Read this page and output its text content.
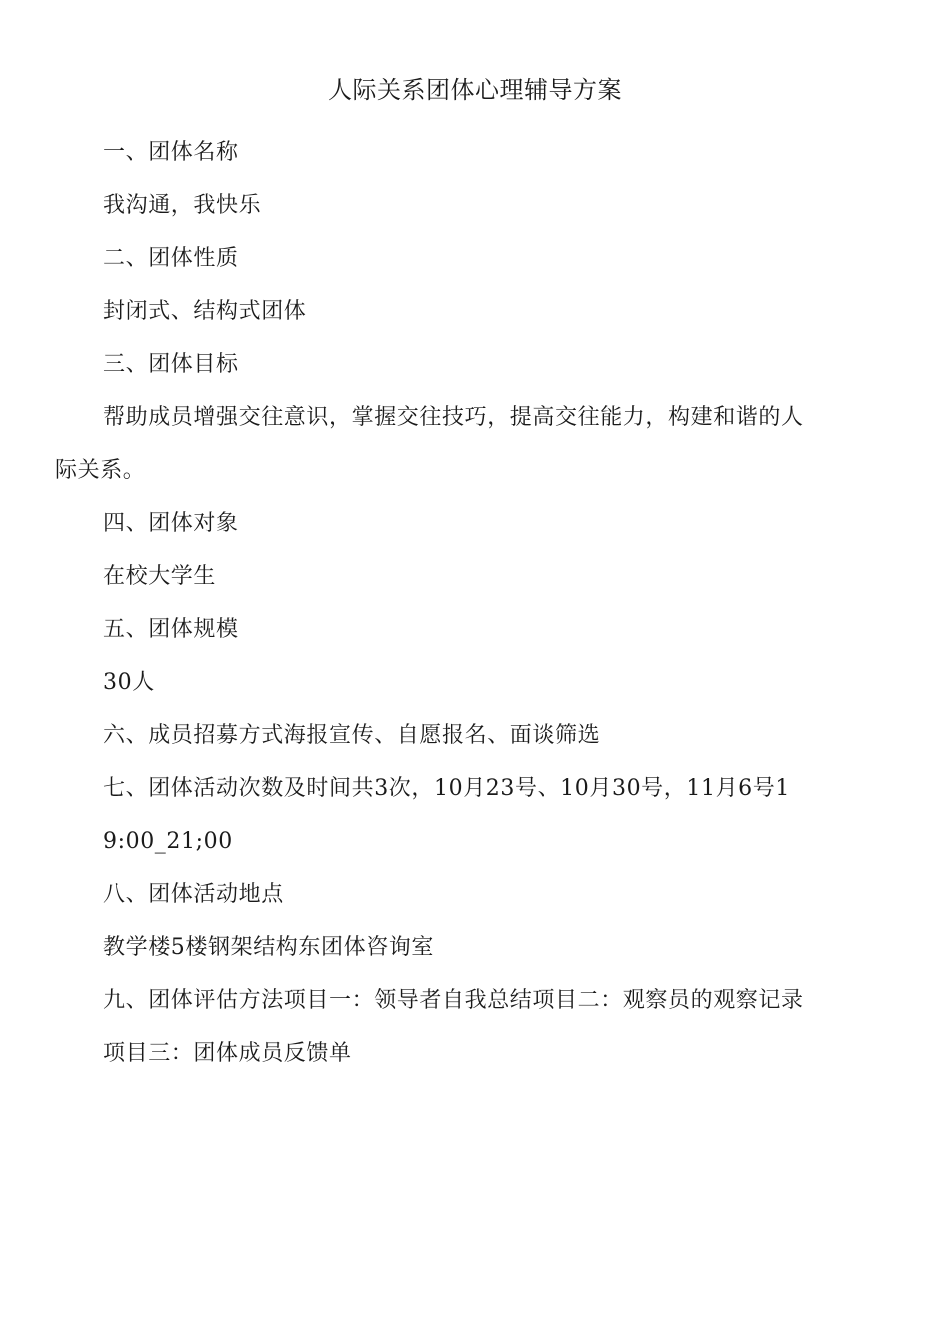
人际关系团体心理辅导方案
一、团体名称
我沟通，我快乐
二、团体性质
封闭式、结构式团体
三、团体目标
帮助成员增强交往意识，掌握交往技巧，提高交往能力，构建和谐的人
际关系。
四、团体对象
在校大学生
五、团体规模
30人
六、成员招募方式海报宣传、自愿报名、面谈筛选
七、团体活动次数及时间共3次，10月23号、10月30号，11月6号1
9:00_21;00
八、团体活动地点
教学楼5楼钢架结构东团体咨询室
九、团体评估方法项目一：领导者自我总结项目二：观察员的观察记录
项目三：团体成员反馈单
